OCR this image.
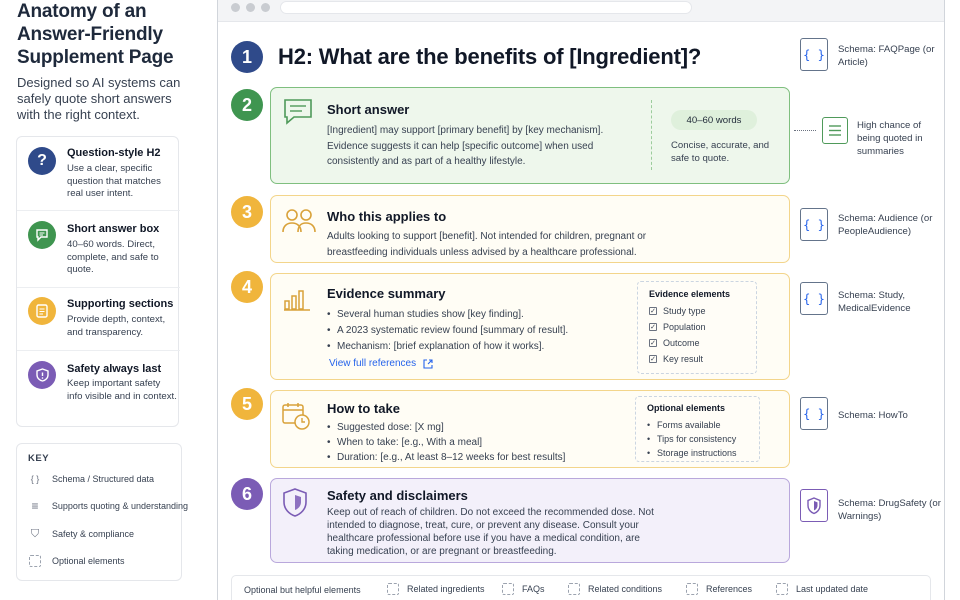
Anatomy of an Answer-Friendly Supplement Page
Designed so AI systems can safely quote short answers with the right context.
?	Question-style H2
Use a clear, specific question that matches real user intent.
Short answer box
40–60 words. Direct, complete, and safe to quote.
Supporting sections
Provide depth, context, and transparency.
Safety always last
Keep important safety info visible and in context.
KEY
{ }	Schema / Structured data
≡	Supports quoting & understanding
⛉	Safety & compliance
Optional elements
1	H2: What are the benefits of [Ingredient]?	{ }	Schema: FAQPage (or Article)
2	Short answer
[Ingredient] may support [primary benefit] by [key mechanism]. Evidence suggests it can help [specific outcome] when used consistently and as part of a healthy lifestyle.
40–60 words
Concise, accurate, and safe to quote.
High chance of being quoted in summaries
3	Who this applies to
Adults looking to support [benefit]. Not intended for children, pregnant or breastfeeding individuals unless advised by a healthcare professional.
{ }	Schema: Audience (or PeopleAudience)
4	Evidence summary
• Several human studies show [key finding].
• A 2023 systematic review found [summary of result].
• Mechanism: [brief explanation of how it works].
View full references
Evidence elements
✓ Study type
✓ Population
✓ Outcome
✓ Key result
{ }	Schema: Study, MedicalEvidence
5	How to take
• Suggested dose: [X mg]
• When to take: [e.g., With a meal]
• Duration: [e.g., At least 8–12 weeks for best results]
Optional elements
• Forms available
• Tips for consistency
• Storage instructions
{ }	Schema: HowTo
6	Safety and disclaimers
Keep out of reach of children. Do not exceed the recommended dose. Not intended to diagnose, treat, cure, or prevent any disease. Consult your healthcare professional before use if you have a medical condition, are taking medication, or are pregnant or breastfeeding.
Schema: DrugSafety (or Warnings)
Optional but helpful elements	Related ingredients	FAQs	Related conditions	References	Last updated date
